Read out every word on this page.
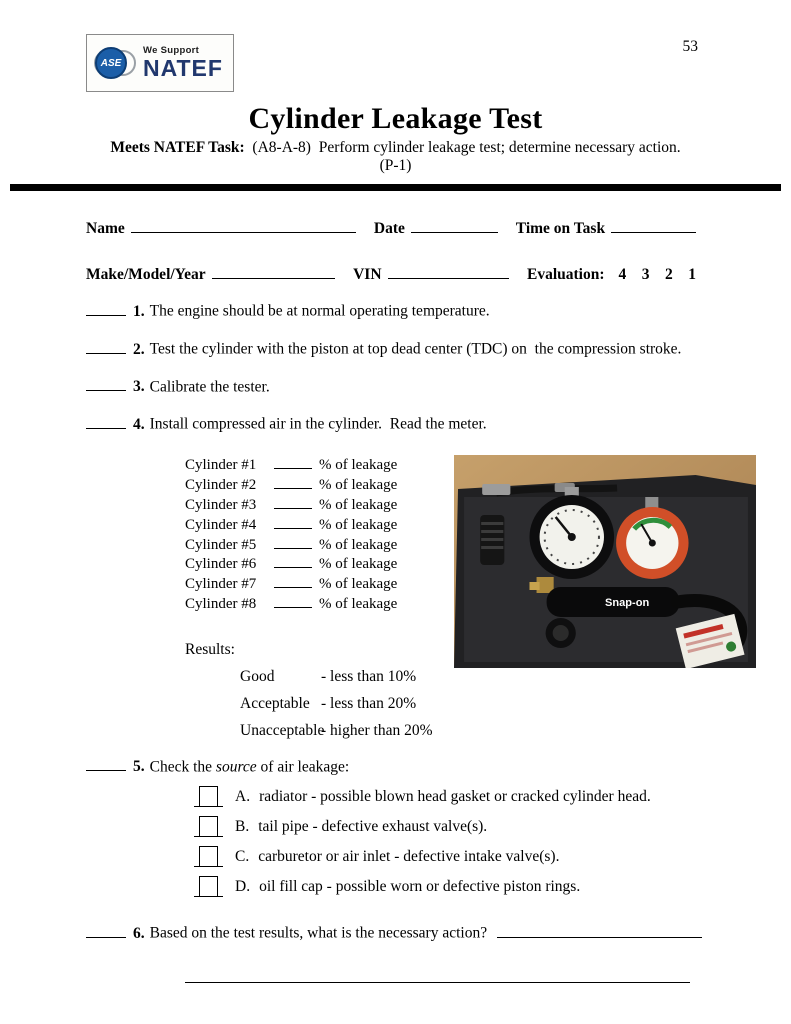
ASE
We Support
NATEF
53
Cylinder Leakage Test
Meets NATEF Task:  (A8-A-8)  Perform cylinder leakage test; determine necessary action.
(P-1)
Name	Date	Time on Task
Make/Model/Year	VIN	Evaluation: 4    3    2    1
1. The engine should be at normal operating temperature.
2. Test the cylinder with the piston at top dead center (TDC) on  the compression stroke.
3. Calibrate the tester.
4. Install compressed air in the cylinder.  Read the meter.
Cylinder #1	% of leakage
Cylinder #2	% of leakage
Cylinder #3	% of leakage
Cylinder #4	% of leakage
Cylinder #5	% of leakage
Cylinder #6	% of leakage
Cylinder #7	% of leakage
Cylinder #8	% of leakage
Results:
Good	- less than 10%
Acceptable - less than 20%
Unacceptable
- higher than 20%
Snap-on
5. Check the source of air leakage:
A. radiator - possible blown head gasket or cracked cylinder head.
B. tail pipe - defective exhaust valve(s).
C. carburetor or air inlet - defective intake valve(s).
D. oil fill cap - possible worn or defective piston rings.
6. Based on the test results, what is the necessary action?
